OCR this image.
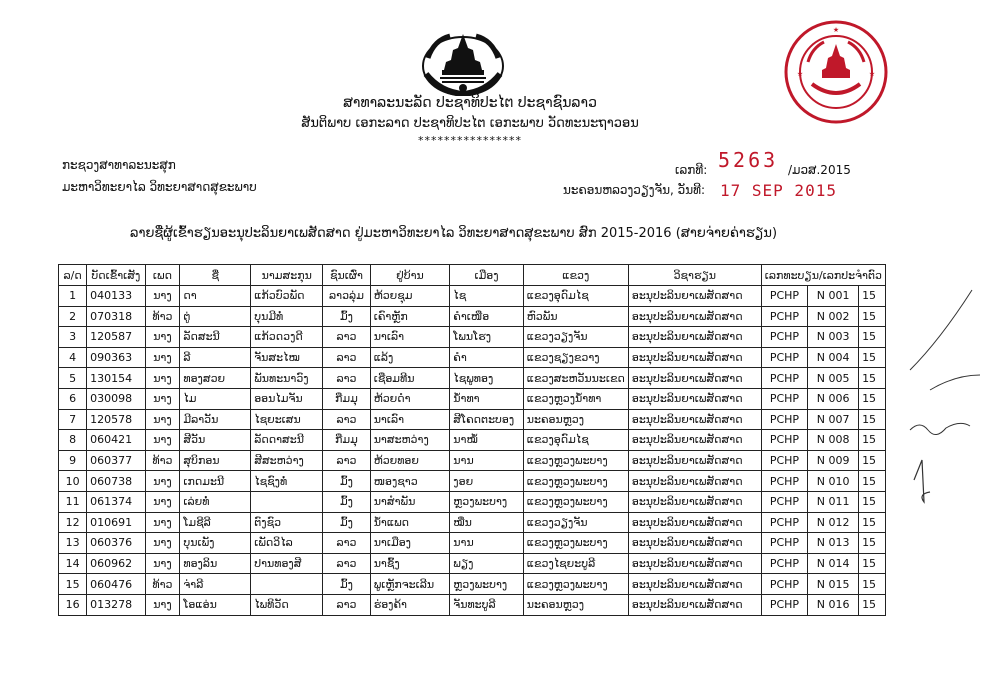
★
★
★
ສາທາລະນະລັດ ປະຊາທິປະໄຕ ປະຊາຊົນລາວ
ສັນຕິພາບ ເອກະລາດ ປະຊາທິປະໄຕ ເອກະພາບ ວັດທະນະຖາວອນ
****************
ກະຊວງສາທາລະນະສຸກ
ມະຫາວິທະຍາໄລ ວິທະຍາສາດສຸຂະພາບ
ເລກທີ: 5263 /ມວສ.2015
ນະຄອນຫລວງວຽງຈັນ, ວັນທີ: 17 SEP 2015
ລາຍຊື່ຜູ້ເຂົ້າຮຽນອະນຸປະລິນຍາເພສັດສາດ ຢູ່ມະຫາວິທະຍາໄລ ວິທະຍາສາດສຸຂະພາບ ສົກ 2015-2016 (ສາຍຈ່າຍຄ່າຮຽນ)
ລ/ດ	ບັດເຂົ້າເສັງ	ເພດ	ຊື່	ນາມສະກຸນ	ຊົນເຜົ່າ	ຢູ່ບ້ານ	ເມືອງ	ແຂວງ	ວິຊາຮຽນ	ເລກທະບຽນ/ເລກປະຈຳຕົວ		
1	040133	ນາງ	ດາ	ແກ້ວບົວພັດ	ລາວລຸ່ມ	ຫ້ວຍຊຸມ	ໄຊ	ແຂວງອຸດົມໄຊ	ອະນຸປະລິນຍາເພສັດສາດ	PCHP	N 001	15
2	070318	ທ້າວ	ຕູ່	ບຸນມີທໍ່	ມົ້ງ	ເຄົາຫຼັກ	ຄຳເໜືອ	ຫົວພັນ	ອະນຸປະລິນຍາເພສັດສາດ	PCHP	N 002	15
3	120587	ນາງ	ລັດສະນີ	ແກ້ວດວງດີ	ລາວ	ນາເລົາ	ໂພນໂຮງ	ແຂວງວຽງຈັນ	ອະນຸປະລິນຍາເພສັດສາດ	PCHP	N 003	15
4	090363	ນາງ	ລີ	ຈັນສະໄໝ	ລາວ	ແລ້ງ	ຄຳ	ແຂວງຊຽງຂວາງ	ອະນຸປະລິນຍາເພສັດສາດ	PCHP	N 004	15
5	130154	ນາງ	ທອງສວຍ	ພັນທະນາວົງ	ລາວ	ເຊືອມທີນ	ໄຊພູທອງ	ແຂວງສະຫວັນນະເຂດ	ອະນຸປະລິນຍາເພສັດສາດ	PCHP	N 005	15
6	030098	ນາງ	ໄມ	ອອນໄມຈັນ	ກືມມຸ	ຫ້ວຍດຳ	ນ້ຳທາ	ແຂວງຫຼວງນ້ຳທາ	ອະນຸປະລິນຍາເພສັດສາດ	PCHP	N 006	15
7	120578	ນາງ	ມີລາວັນ	ໄຊຍະເສນ	ລາວ	ນາເລົາ	ສີໂຄດຕະບອງ	ນະຄອນຫຼວງ	ອະນຸປະລິນຍາເພສັດສາດ	PCHP	N 007	15
8	060421	ນາງ	ສີວັນ	ລັດດາສະນີ	ກືມມຸ	ນາສະຫວ່າງ	ນາໝໍ້	ແຂວງອຸດົມໄຊ	ອະນຸປະລິນຍາເພສັດສາດ	PCHP	N 008	15
9	060377	ທ້າວ	ສຸບິກອນ	ສີສະຫວ່າງ	ລາວ	ຫ້ວຍທອຍ	ນານ	ແຂວງຫຼວງພະບາງ	ອະນຸປະລິນຍາເພສັດສາດ	PCHP	N 009	15
10	060738	ນາງ	ເກດມະນີ	ໄຊຊົງທໍ່	ມົ້ງ	ໜອງຊາວ	ງອຍ	ແຂວງຫຼວງພະບາງ	ອະນຸປະລິນຍາເພສັດສາດ	PCHP	N 010	15
11	061374	ນາງ	ເລ່ຍທໍ່		ມົ້ງ	ນາສຳພັນ	ຫຼວງພະບາງ	ແຂວງຫຼວງພະບາງ	ອະນຸປະລິນຍາເພສັດສາດ	PCHP	N 011	15
12	010691	ນາງ	ໂມຊີລີ	ຕົງຊົວ	ມົ້ງ	ນ້ຳແພດ	ໝື່ນ	ແຂວງວຽງຈັນ	ອະນຸປະລິນຍາເພສັດສາດ	PCHP	N 012	15
13	060376	ນາງ	ບຸນເພັງ	ເພັດວິໄລ	ລາວ	ນາເມືອງ	ນານ	ແຂວງຫຼວງພະບາງ	ອະນຸປະລິນຍາເພສັດສາດ	PCHP	N 013	15
14	060962	ນາງ	ທອງລິນ	ປານທອງສີ	ລາວ	ນາຊົ້ງ	ພຽງ	ແຂວງໄຊຍະບູລີ	ອະນຸປະລິນຍາເພສັດສາດ	PCHP	N 014	15
15	060476	ທ້າວ	ຈ່າລີ		ມົ້ງ	ພູເຫຼັກຈະເລີນ	ຫຼວງພະບາງ	ແຂວງຫຼວງພະບາງ	ອະນຸປະລິນຍາເພສັດສາດ	PCHP	N 015	15
16	013278	ນາງ	ໂອແອ່ນ	ໄພທິວັດ	ລາວ	ຮ່ອງຄ້າ	ຈັນທະບູລີ	ນະຄອນຫຼວງ	ອະນຸປະລິນຍາເພສັດສາດ	PCHP	N 016	15
